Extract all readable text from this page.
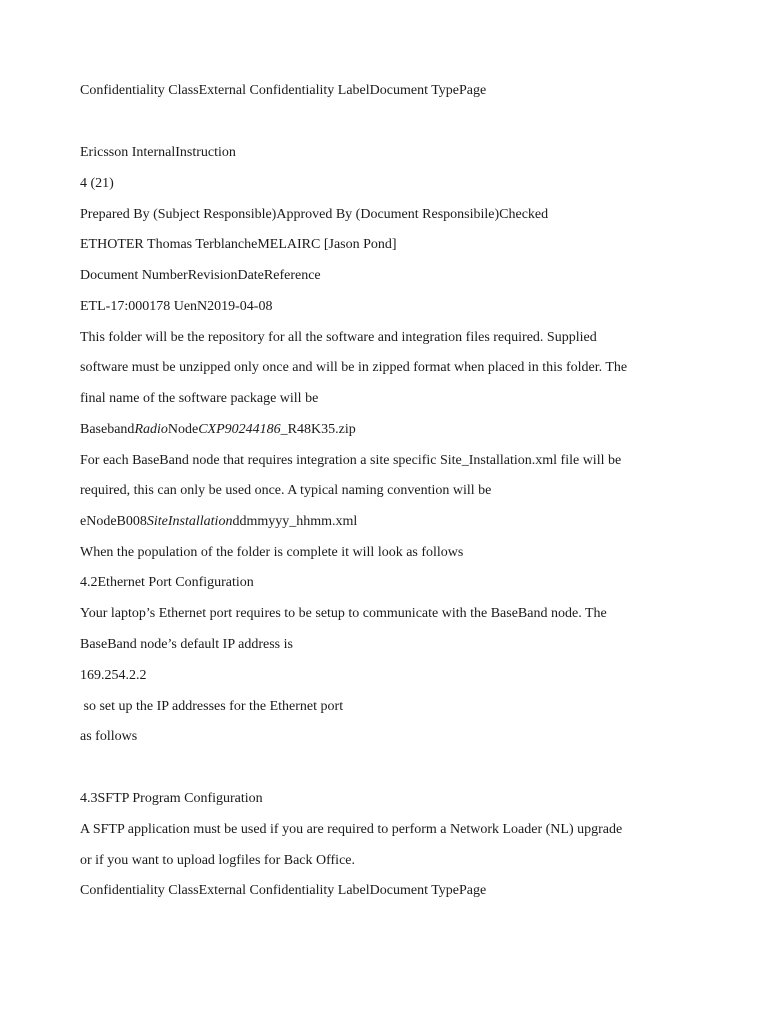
Confidentiality ClassExternal Confidentiality LabelDocument TypePage
Ericsson InternalInstruction
4 (21)
Prepared By (Subject Responsible)Approved By (Document Responsibile)Checked
ETHOTER Thomas TerblancheMELAIRC [Jason Pond]
Document NumberRevisionDateReference
ETL-17:000178 UenN2019-04-08
This folder will be the repository for all the software and integration files required. Supplied
software must be unzipped only once and will be in zipped format when placed in this folder. The
final name of the software package will be
BasebandRadioNodeCXP90244186_R48K35.zip
For each BaseBand node that requires integration a site specific Site_Installation.xml file will be
required, this can only be used once. A typical naming convention will be
eNodeB008SiteInstallationddmmyyy_hhmm.xml
When the population of the folder is complete it will look as follows
4.2Ethernet Port Configuration
Your laptop’s Ethernet port requires to be setup to communicate with the BaseBand node. The
BaseBand node’s default IP address is
169.254.2.2
so set up the IP addresses for the Ethernet port
as follows
4.3SFTP Program Configuration
A SFTP application must be used if you are required to perform a Network Loader (NL) upgrade
or if you want to upload logfiles for Back Office.
Confidentiality ClassExternal Confidentiality LabelDocument TypePage
